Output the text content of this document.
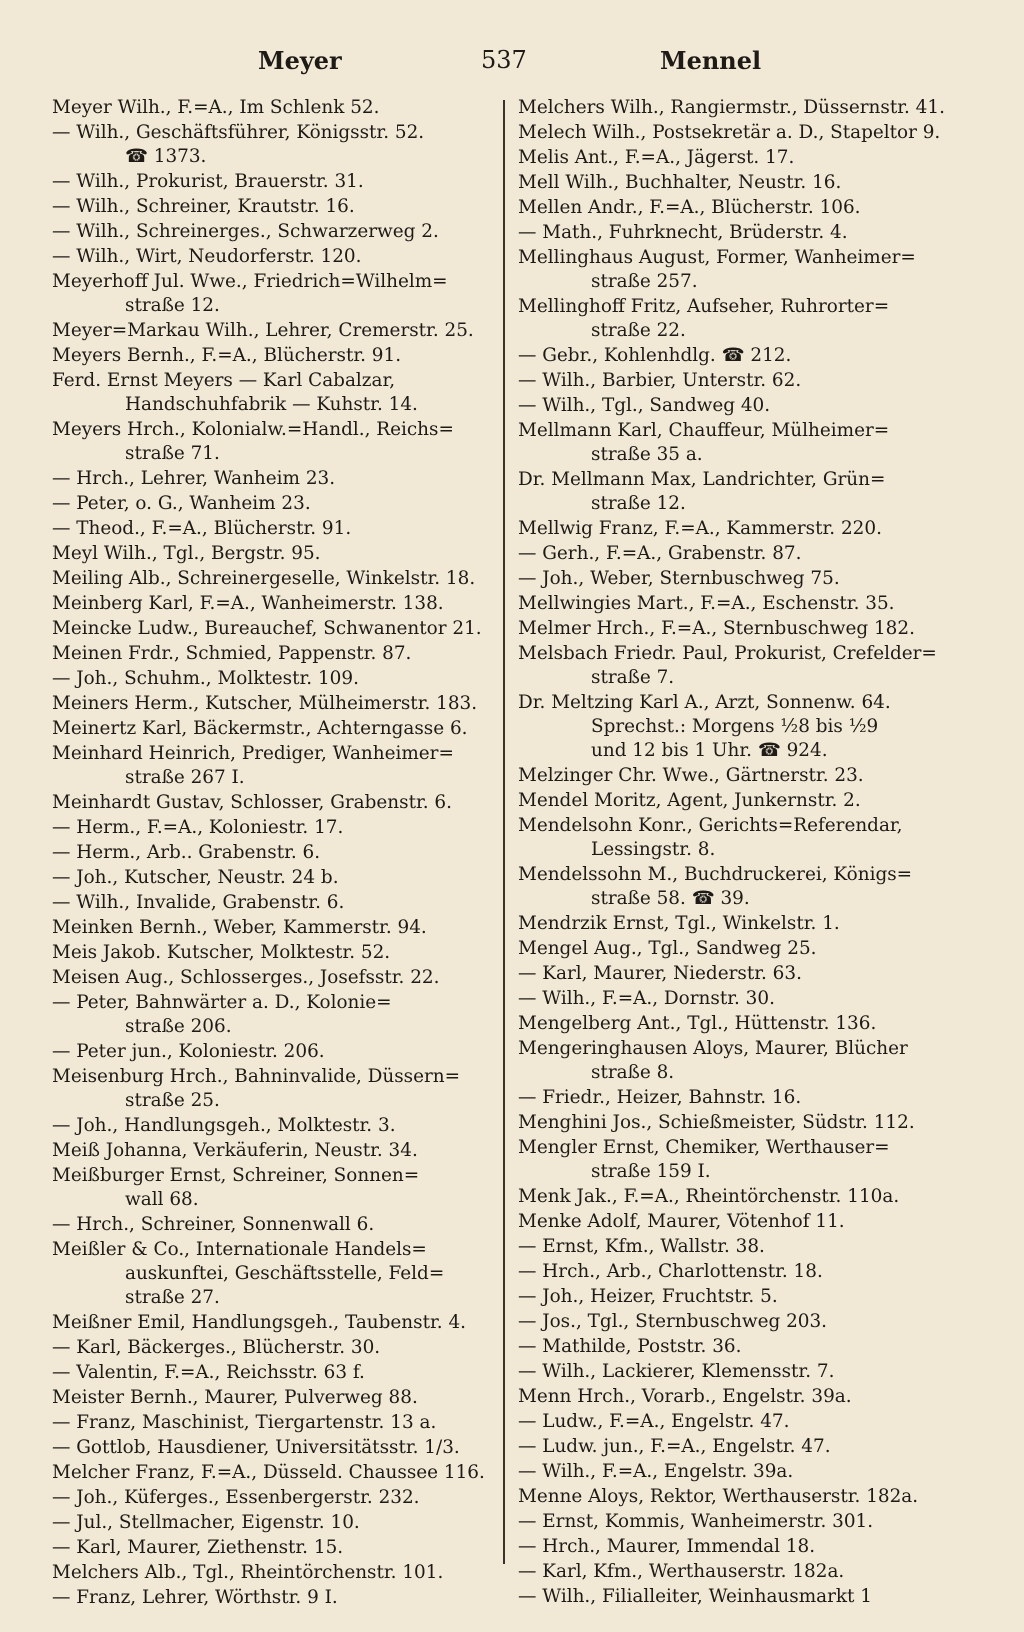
Meyer	537	Mennel
Meyer Wilh., F.=A., Im Schlenk 52.
— Wilh., Geschäftsführer, Königsstr. 52.
☎ 1373.
— Wilh., Prokurist, Brauerstr. 31.
— Wilh., Schreiner, Krautstr. 16.
— Wilh., Schreinerges., Schwarzerweg 2.
— Wilh., Wirt, Neudorferstr. 120.
Meyerhoff Jul. Wwe., Friedrich=Wilhelm=
straße 12.
Meyer=Markau Wilh., Lehrer, Cremerstr. 25.
Meyers Bernh., F.=A., Blücherstr. 91.
Ferd. Ernst Meyers — Karl Cabalzar,
Handschuhfabrik — Kuhstr. 14.
Meyers Hrch., Kolonialw.=Handl., Reichs=
straße 71.
— Hrch., Lehrer, Wanheim 23.
— Peter, o. G., Wanheim 23.
— Theod., F.=A., Blücherstr. 91.
Meyl Wilh., Tgl., Bergstr. 95.
Meiling Alb., Schreinergeselle, Winkelstr. 18.
Meinberg Karl, F.=A., Wanheimerstr. 138.
Meincke Ludw., Bureauchef, Schwanentor 21.
Meinen Frdr., Schmied, Pappenstr. 87.
— Joh., Schuhm., Molktestr. 109.
Meiners Herm., Kutscher, Mülheimerstr. 183.
Meinertz Karl, Bäckermstr., Achterngasse 6.
Meinhard Heinrich, Prediger, Wanheimer=
straße 267 I.
Meinhardt Gustav, Schlosser, Grabenstr. 6.
— Herm., F.=A., Koloniestr. 17.
— Herm., Arb.. Grabenstr. 6.
— Joh., Kutscher, Neustr. 24 b.
— Wilh., Invalide, Grabenstr. 6.
Meinken Bernh., Weber, Kammerstr. 94.
Meis Jakob. Kutscher, Molktestr. 52.
Meisen Aug., Schlosserges., Josefsstr. 22.
— Peter, Bahnwärter a. D., Kolonie=
straße 206.
— Peter jun., Koloniestr. 206.
Meisenburg Hrch., Bahninvalide, Düssern=
straße 25.
— Joh., Handlungsgeh., Molktestr. 3.
Meiß Johanna, Verkäuferin, Neustr. 34.
Meißburger Ernst, Schreiner, Sonnen=
wall 68.
— Hrch., Schreiner, Sonnenwall 6.
Meißler & Co., Internationale Handels=
auskunftei, Geschäftsstelle, Feld=
straße 27.
Meißner Emil, Handlungsgeh., Taubenstr. 4.
— Karl, Bäckerges., Blücherstr. 30.
— Valentin, F.=A., Reichsstr. 63 f.
Meister Bernh., Maurer, Pulverweg 88.
— Franz, Maschinist, Tiergartenstr. 13 a.
— Gottlob, Hausdiener, Universitätsstr. 1/3.
Melcher Franz, F.=A., Düsseld. Chaussee 116.
— Joh., Küferges., Essenbergerstr. 232.
— Jul., Stellmacher, Eigenstr. 10.
— Karl, Maurer, Ziethenstr. 15.
Melchers Alb., Tgl., Rheintörchenstr. 101.
— Franz, Lehrer, Wörthstr. 9 I.
Melchers Wilh., Rangiermstr., Düssernstr. 41.
Melech Wilh., Postsekretär a. D., Stapeltor 9.
Melis Ant., F.=A., Jägerst. 17.
Mell Wilh., Buchhalter, Neustr. 16.
Mellen Andr., F.=A., Blücherstr. 106.
— Math., Fuhrknecht, Brüderstr. 4.
Mellinghaus August, Former, Wanheimer=
straße 257.
Mellinghoff Fritz, Aufseher, Ruhrorter=
straße 22.
— Gebr., Kohlenhdlg. ☎ 212.
— Wilh., Barbier, Unterstr. 62.
— Wilh., Tgl., Sandweg 40.
Mellmann Karl, Chauffeur, Mülheimer=
straße 35 a.
Dr. Mellmann Max, Landrichter, Grün=
straße 12.
Mellwig Franz, F.=A., Kammerstr. 220.
— Gerh., F.=A., Grabenstr. 87.
— Joh., Weber, Sternbuschweg 75.
Mellwingies Mart., F.=A., Eschenstr. 35.
Melmer Hrch., F.=A., Sternbuschweg 182.
Melsbach Friedr. Paul, Prokurist, Crefelder=
straße 7.
Dr. Meltzing Karl A., Arzt, Sonnenw. 64.
Sprechst.: Morgens ½8 bis ½9
und 12 bis 1 Uhr. ☎ 924.
Melzinger Chr. Wwe., Gärtnerstr. 23.
Mendel Moritz, Agent, Junkernstr. 2.
Mendelsohn Konr., Gerichts=Referendar,
Lessingstr. 8.
Mendelssohn M., Buchdruckerei, Königs=
straße 58. ☎ 39.
Mendrzik Ernst, Tgl., Winkelstr. 1.
Mengel Aug., Tgl., Sandweg 25.
— Karl, Maurer, Niederstr. 63.
— Wilh., F.=A., Dornstr. 30.
Mengelberg Ant., Tgl., Hüttenstr. 136.
Mengeringhausen Aloys, Maurer, Blücher
straße 8.
— Friedr., Heizer, Bahnstr. 16.
Menghini Jos., Schießmeister, Südstr. 112.
Mengler Ernst, Chemiker, Werthauser=
straße 159 I.
Menk Jak., F.=A., Rheintörchenstr. 110a.
Menke Adolf, Maurer, Vötenhof 11.
— Ernst, Kfm., Wallstr. 38.
— Hrch., Arb., Charlottenstr. 18.
— Joh., Heizer, Fruchtstr. 5.
— Jos., Tgl., Sternbuschweg 203.
— Mathilde, Poststr. 36.
— Wilh., Lackierer, Klemensstr. 7.
Menn Hrch., Vorarb., Engelstr. 39a.
— Ludw., F.=A., Engelstr. 47.
— Ludw. jun., F.=A., Engelstr. 47.
— Wilh., F.=A., Engelstr. 39a.
Menne Aloys, Rektor, Werthauserstr. 182a.
— Ernst, Kommis, Wanheimerstr. 301.
— Hrch., Maurer, Immendal 18.
— Karl, Kfm., Werthauserstr. 182a.
— Wilh., Filialleiter, Weinhausmarkt 1
